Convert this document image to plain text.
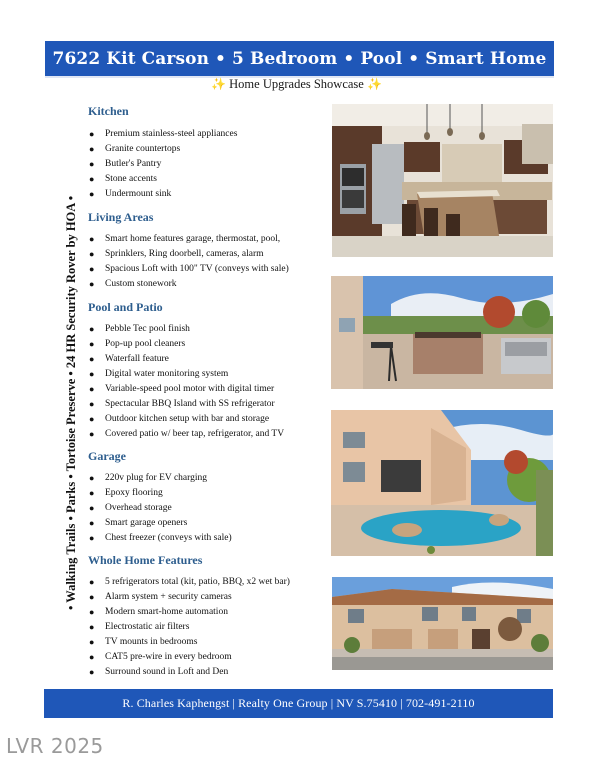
7622 Kit Carson • 5 Bedroom • Pool • Smart Home
✨ Home Upgrades Showcase ✨
• Walking Trails • Parks • Tortoise Preserve • 24 HR Security Rover by HOA •
Kitchen
● Premium stainless-steel appliances
● Granite countertops
● Butler's Pantry
● Stone accents
● Undermount sink
Living Areas
● Smart home features garage, thermostat, pool,
● Sprinklers, Ring doorbell, cameras, alarm
● Spacious Loft with 100" TV (conveys with sale)
● Custom stonework
Pool and Patio
● Pebble Tec pool finish
● Pop-up pool cleaners
● Waterfall feature
● Digital water monitoring system
● Variable-speed pool motor with digital timer
● Spectacular BBQ Island with SS refrigerator
● Outdoor kitchen setup with bar and storage
● Covered patio w/ beer tap, refrigerator, and TV
Garage
● 220v plug for EV charging
● Epoxy flooring
● Overhead storage
● Smart garage openers
● Chest freezer (conveys with sale)
Whole Home Features
● 5 refrigerators total (kit, patio, BBQ, x2 wet bar)
● Alarm system + security cameras
● Modern smart-home automation
● Electrostatic air filters
● TV mounts in bedrooms
● CAT5 pre-wire in every bedroom
● Surround sound in Loft and Den
R. Charles Kaphengst | Realty One Group | NV S.75410 | 702-491-2110
LVR 2025
